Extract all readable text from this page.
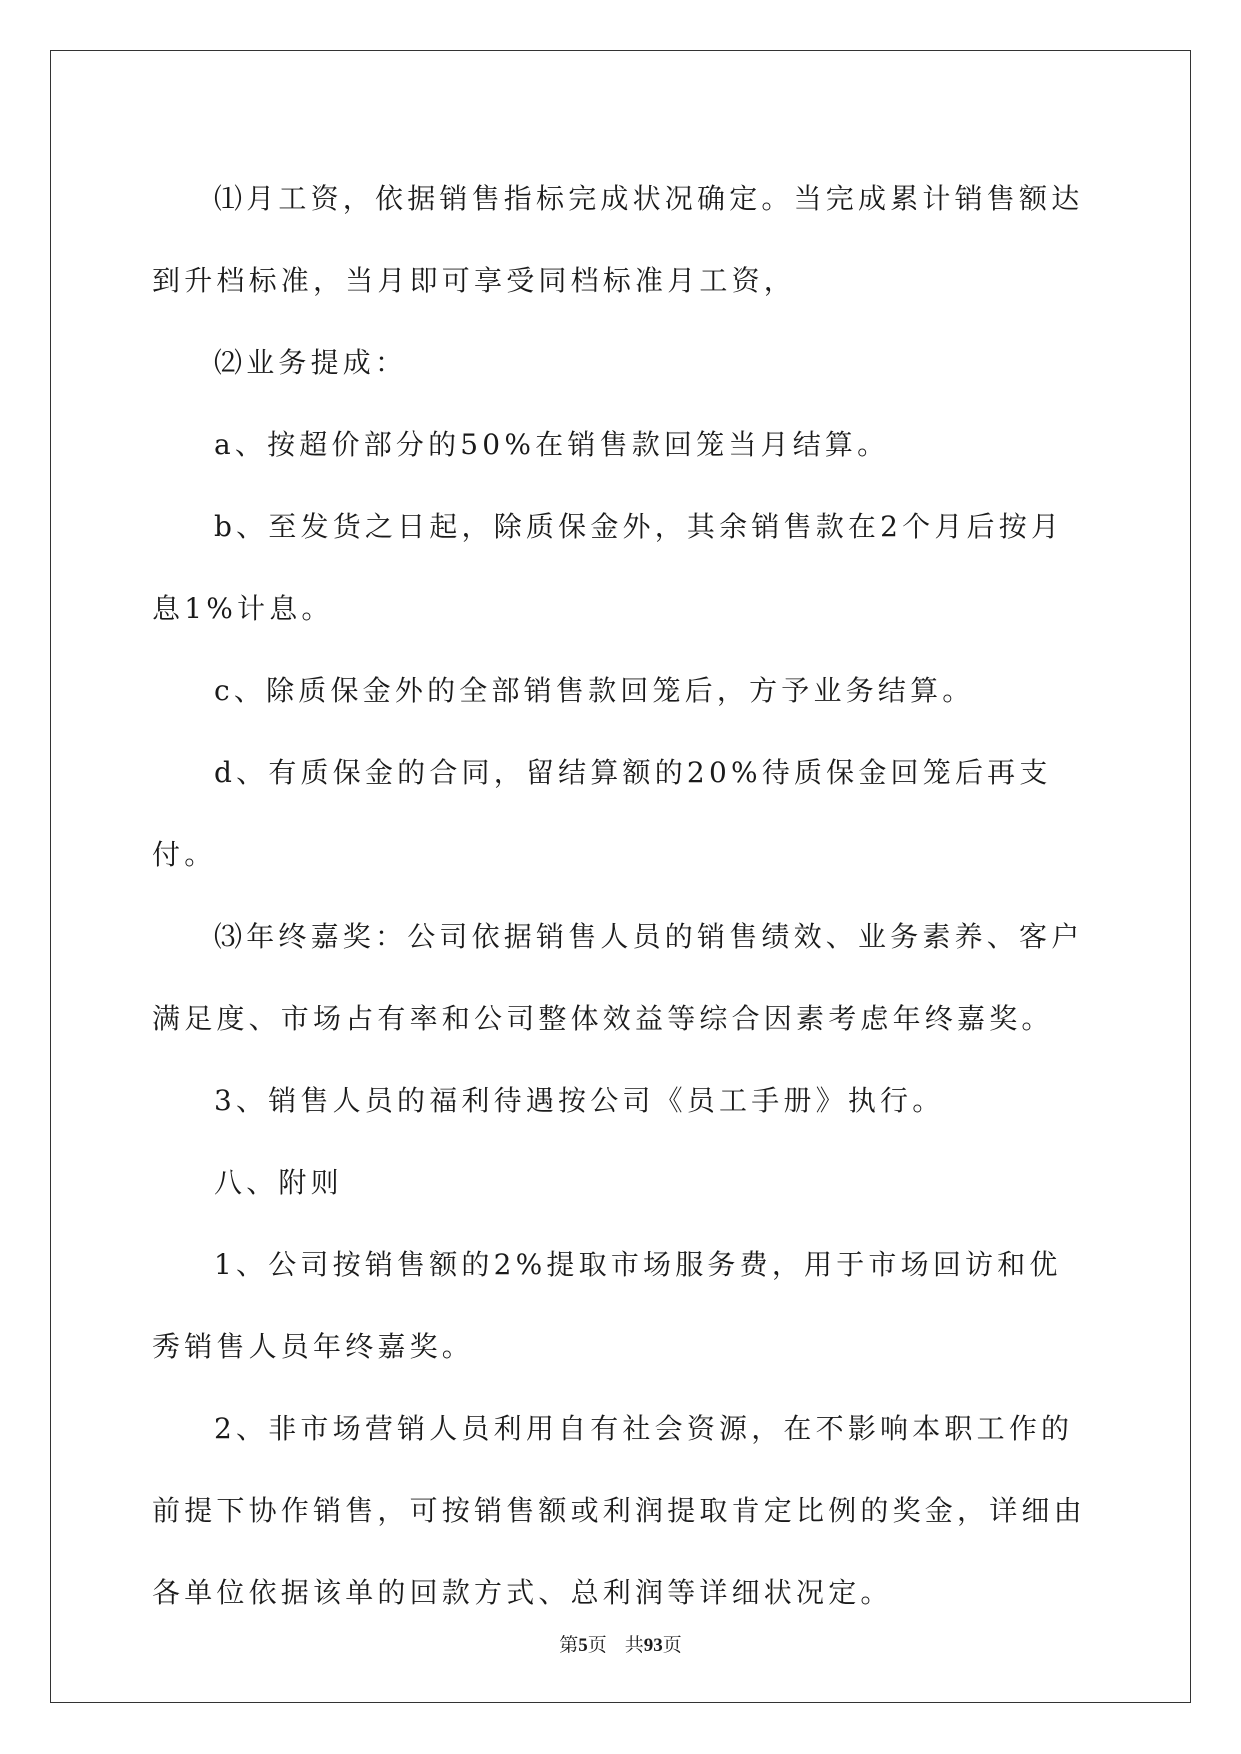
⑴月工资，依据销售指标完成状况确定。当完成累计销售额达到升档标准，当月即可享受同档标准月工资，

⑵业务提成：

a、按超价部分的50%在销售款回笼当月结算。

b、至发货之日起，除质保金外，其余销售款在2个月后按月息1%计息。

c、除质保金外的全部销售款回笼后，方予业务结算。

d、有质保金的合同，留结算额的20%待质保金回笼后再支付。

⑶年终嘉奖：公司依据销售人员的销售绩效、业务素养、客户满足度、市场占有率和公司整体效益等综合因素考虑年终嘉奖。

3、销售人员的福利待遇按公司《员工手册》执行。

八、附则

1、公司按销售额的2%提取市场服务费，用于市场回访和优秀销售人员年终嘉奖。

2、非市场营销人员利用自有社会资源，在不影响本职工作的前提下协作销售，可按销售额或利润提取肯定比例的奖金，详细由各单位依据该单的回款方式、总利润等详细状况定。

第5页 共93页
